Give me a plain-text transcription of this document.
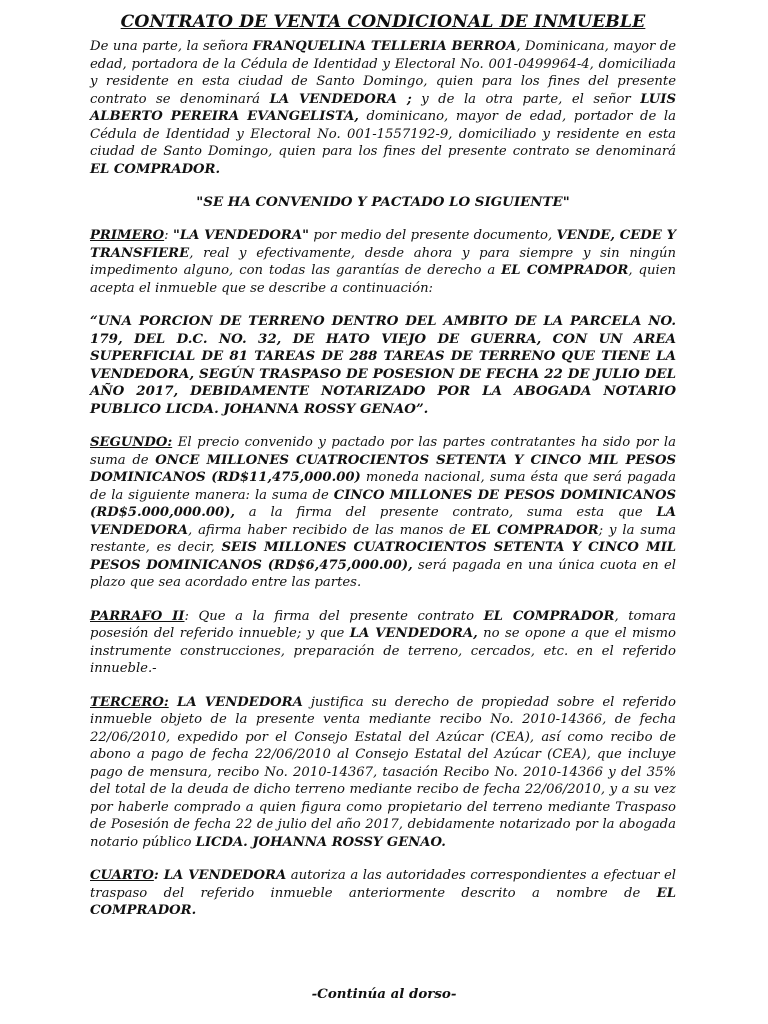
CONTRATO DE VENTA CONDICIONAL DE INMUEBLE

De una parte, la señora FRANQUELINA TELLERIA BERROA, Dominicana, mayor de edad, portadora de la Cédula de Identidad y Electoral No. 001-0499964-4, domiciliada y residente en esta ciudad de Santo Domingo, quien para los fines del presente contrato se denominará LA VENDEDORA ; y de la otra parte, el señor LUIS ALBERTO PEREIRA EVANGELISTA, dominicano, mayor de edad, portador de la Cédula de Identidad y Electoral No. 001-1557192-9, domiciliado y residente en esta ciudad de Santo Domingo, quien para los fines del presente contrato se denominará EL COMPRADOR.

"SE HA CONVENIDO Y PACTADO LO SIGUIENTE"

PRIMERO: "LA VENDEDORA" por medio del presente documento, VENDE, CEDE Y TRANSFIERE, real y efectivamente, desde ahora y para siempre y sin ningún impedimento alguno, con todas las garantías de derecho a EL COMPRADOR, quien acepta el inmueble que se describe a continuación:

“UNA PORCION DE TERRENO DENTRO DEL AMBITO DE LA PARCELA NO. 179, DEL D.C. NO. 32, DE HATO VIEJO DE GUERRA, CON UN AREA SUPERFICIAL DE 81 TAREAS DE 288 TAREAS DE TERRENO QUE TIENE LA VENDEDORA, SEGÚN TRASPASO DE POSESION DE FECHA 22 DE JULIO DEL AÑO 2017, DEBIDAMENTE NOTARIZADO POR LA ABOGADA NOTARIO PUBLICO LICDA. JOHANNA ROSSY GENAO”.

SEGUNDO: El precio convenido y pactado por las partes contratantes ha sido por la suma de ONCE MILLONES CUATROCIENTOS SETENTA Y CINCO MIL PESOS DOMINICANOS (RD$11,475,000.00) moneda nacional, suma ésta que será pagada de la siguiente manera: la suma de CINCO MILLONES DE PESOS DOMINICANOS (RD$5.000,000.00), a la firma del presente contrato, suma esta que LA VENDEDORA, afirma haber recibido de las manos de EL COMPRADOR; y la suma restante, es decir, SEIS MILLONES CUATROCIENTOS SETENTA Y CINCO MIL PESOS DOMINICANOS (RD$6,475,000.00), será pagada en una única cuota en el plazo que sea acordado entre las partes.

PARRAFO II: Que a la firma del presente contrato EL COMPRADOR, tomara posesión del referido innueble; y que LA VENDEDORA, no se opone a que el mismo instrumente construcciones, preparación de terreno, cercados, etc. en el referido innueble.-

TERCERO: LA VENDEDORA justifica su derecho de propiedad sobre el referido inmueble objeto de la presente venta mediante recibo No. 2010-14366, de fecha 22/06/2010, expedido por el Consejo Estatal del Azúcar (CEA), así como recibo de abono a pago de fecha 22/06/2010 al Consejo Estatal del Azúcar (CEA), que incluye pago de mensura, recibo No. 2010-14367, tasación Recibo No. 2010-14366 y del 35% del total de la deuda de dicho terreno mediante recibo de fecha 22/06/2010, y a su vez por haberle comprado a quien figura como propietario del terreno mediante Traspaso de Posesión de fecha 22 de julio del año 2017, debidamente notarizado por la abogada notario público LICDA. JOHANNA ROSSY GENAO.

CUARTO: LA VENDEDORA autoriza a las autoridades correspondientes a efectuar el traspaso del referido inmueble anteriormente descrito a nombre de EL COMPRADOR.

-Continúa al dorso-
